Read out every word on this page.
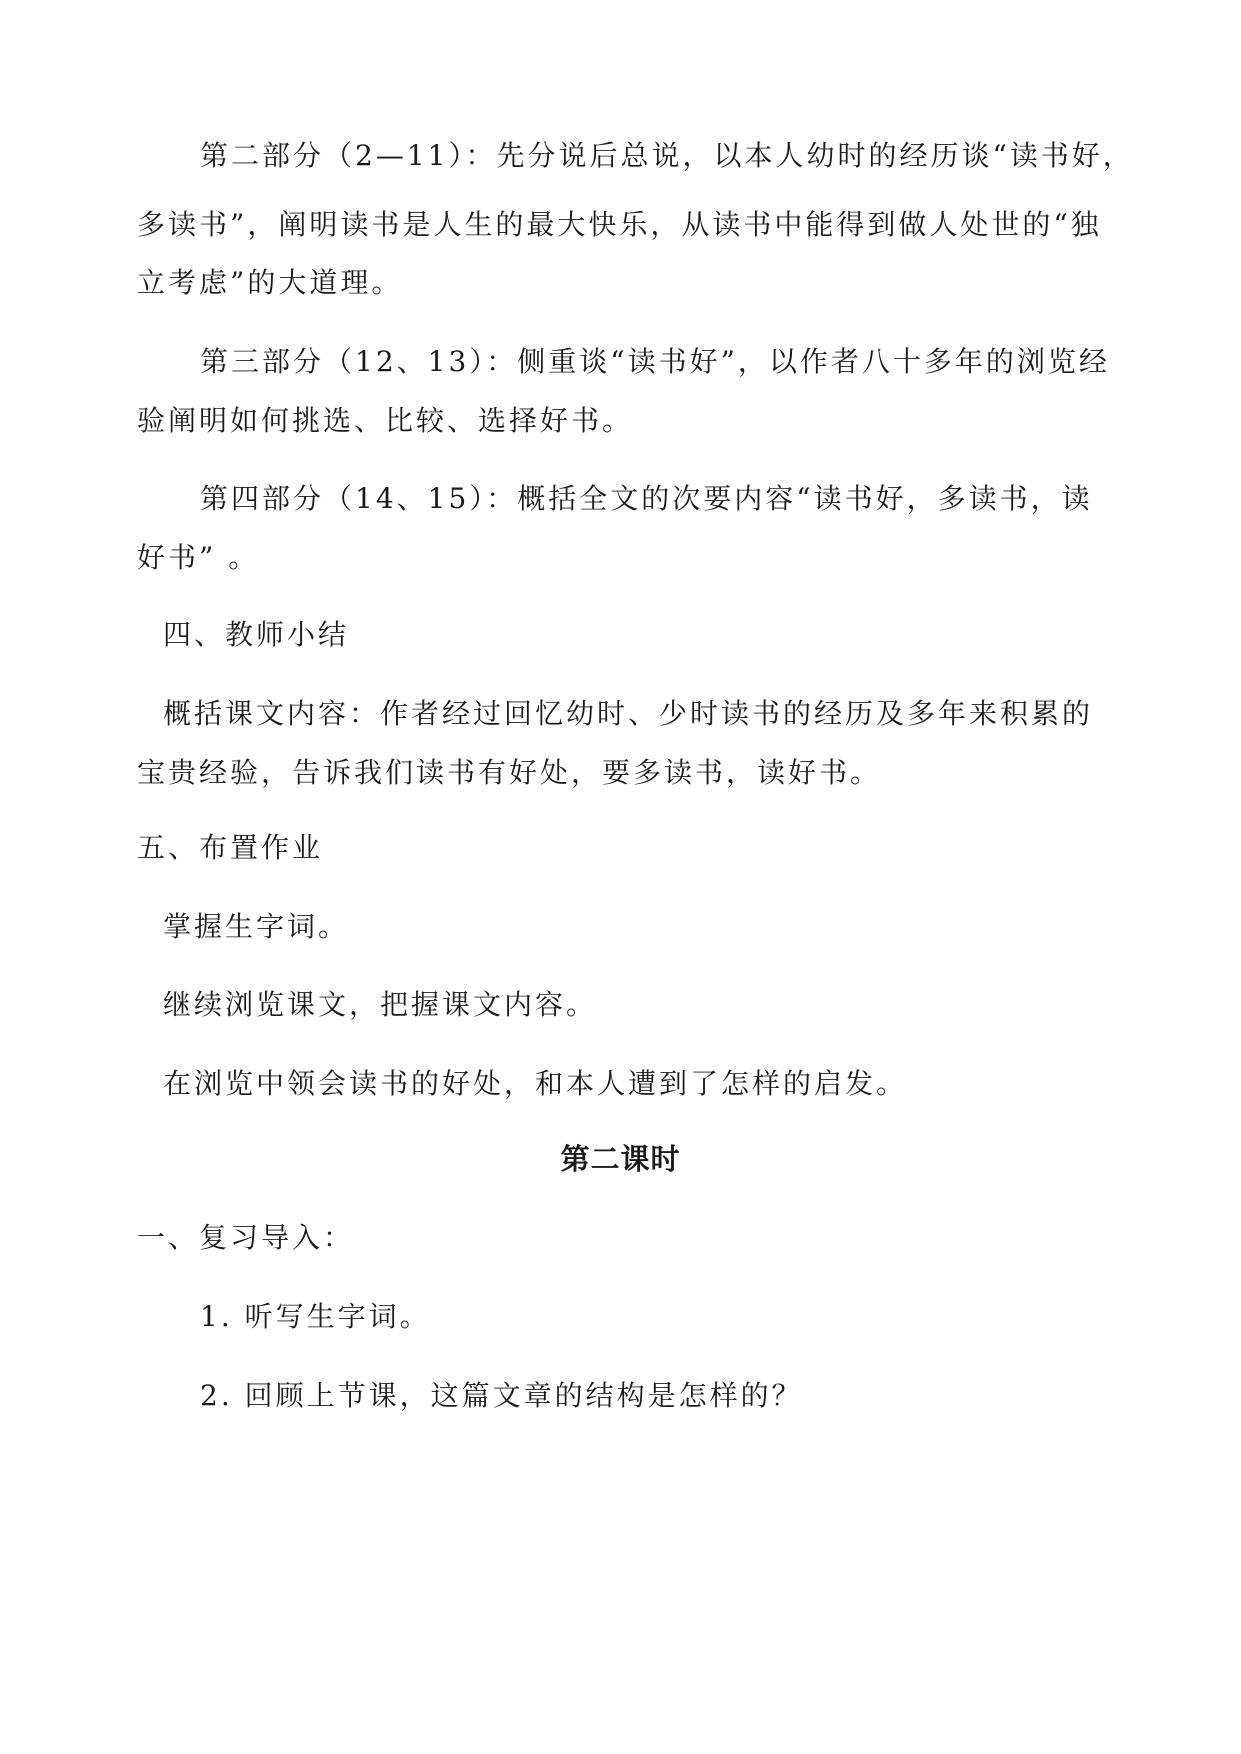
第二部分（2—11）：先分说后总说，以本人幼时的经历谈“读书好，
多读书”，阐明读书是人生的最大快乐，从读书中能得到做人处世的“独
立考虑”的大道理。
第三部分（12、13）：侧重谈“读书好”，以作者八十多年的浏览经
验阐明如何挑选、比较、选择好书。
第四部分（14、15）：概括全文的次要内容“读书好，多读书，读
好书” 。
四、教师小结
概括课文内容：作者经过回忆幼时、少时读书的经历及多年来积累的
宝贵经验，告诉我们读书有好处，要多读书，读好书。
五、布置作业
掌握生字词。
继续浏览课文，把握课文内容。
在浏览中领会读书的好处，和本人遭到了怎样的启发。
第二课时
一、复习导入：
1. 听写生字词。
2. 回顾上节课，这篇文章的结构是怎样的？
